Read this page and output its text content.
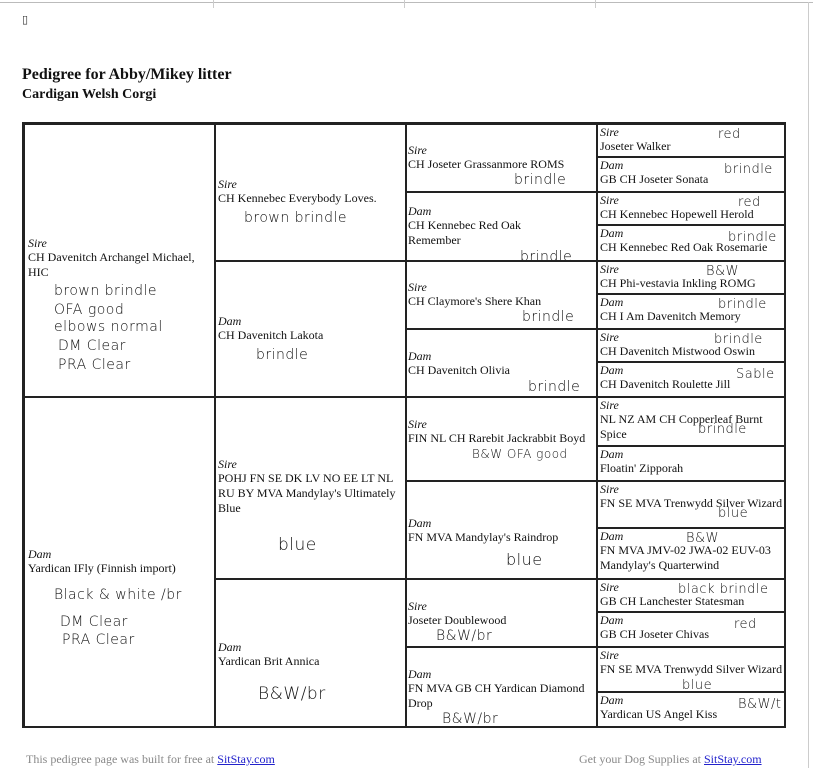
▯
Pedigree for Abby/Mikey litter
Cardigan Welsh Corgi
Sire
CH Davenitch Archangel Michael, HIC
brown brindle
OFA good
elbows normal
DM Clear
PRA Clear
Dam
Yardican IFly (Finnish import)
Black & white /br
DM Clear
PRA Clear
Sire
CH Kennebec Everybody Loves.
brown brindle
Dam
CH Davenitch Lakota
brindle
Sire
POHJ FN SE DK LV NO EE LT NL RU BY MVA Mandylay's Ultimately Blue
blue
Dam
Yardican Brit Annica
B&W/br
Sire
CH Joseter Grassanmore ROMS
brindle
Dam
CH Kennebec Red Oak Remember
brindle
Sire
CH Claymore's Shere Khan
brindle
Dam
CH Davenitch Olivia
brindle
Sire
FIN NL CH Rarebit Jackrabbit Boyd
B&W OFA good
Dam
FN MVA Mandylay's Raindrop
blue
Sire
Joseter Doublewood
B&W/br
Dam
FN MVA GB CH Yardican Diamond Drop
B&W/br
Sire
Joseter Walker
red
Dam
GB CH Joseter Sonata
brindle
Sire
CH Kennebec Hopewell Herold
red
Dam
CH Kennebec Red Oak Rosemarie
brindle
Sire
CH Phi-vestavia Inkling ROMG
B&W
Dam
CH I Am Davenitch Memory
brindle
Sire
CH Davenitch Mistwood Oswin
brindle
Dam
CH Davenitch Roulette Jill
Sable
Sire
NL NZ AM CH Copperleaf Burnt Spice	brindle
Dam
Floatin' Zipporah
Sire
FN SE MVA Trenwydd Silver Wizard
blue
Dam
FN MVA JMV-02 JWA-02 EUV-03 Mandylay's Quarterwind
B&W
Sire
GB CH Lanchester Statesman
black brindle
Dam
GB CH Joseter Chivas
red
Sire
FN SE MVA Trenwydd Silver Wizard
blue
Dam
Yardican US Angel Kiss
B&W/t
This pedigree page was built for free at SitStay.com	Get your Dog Supplies at SitStay.com
